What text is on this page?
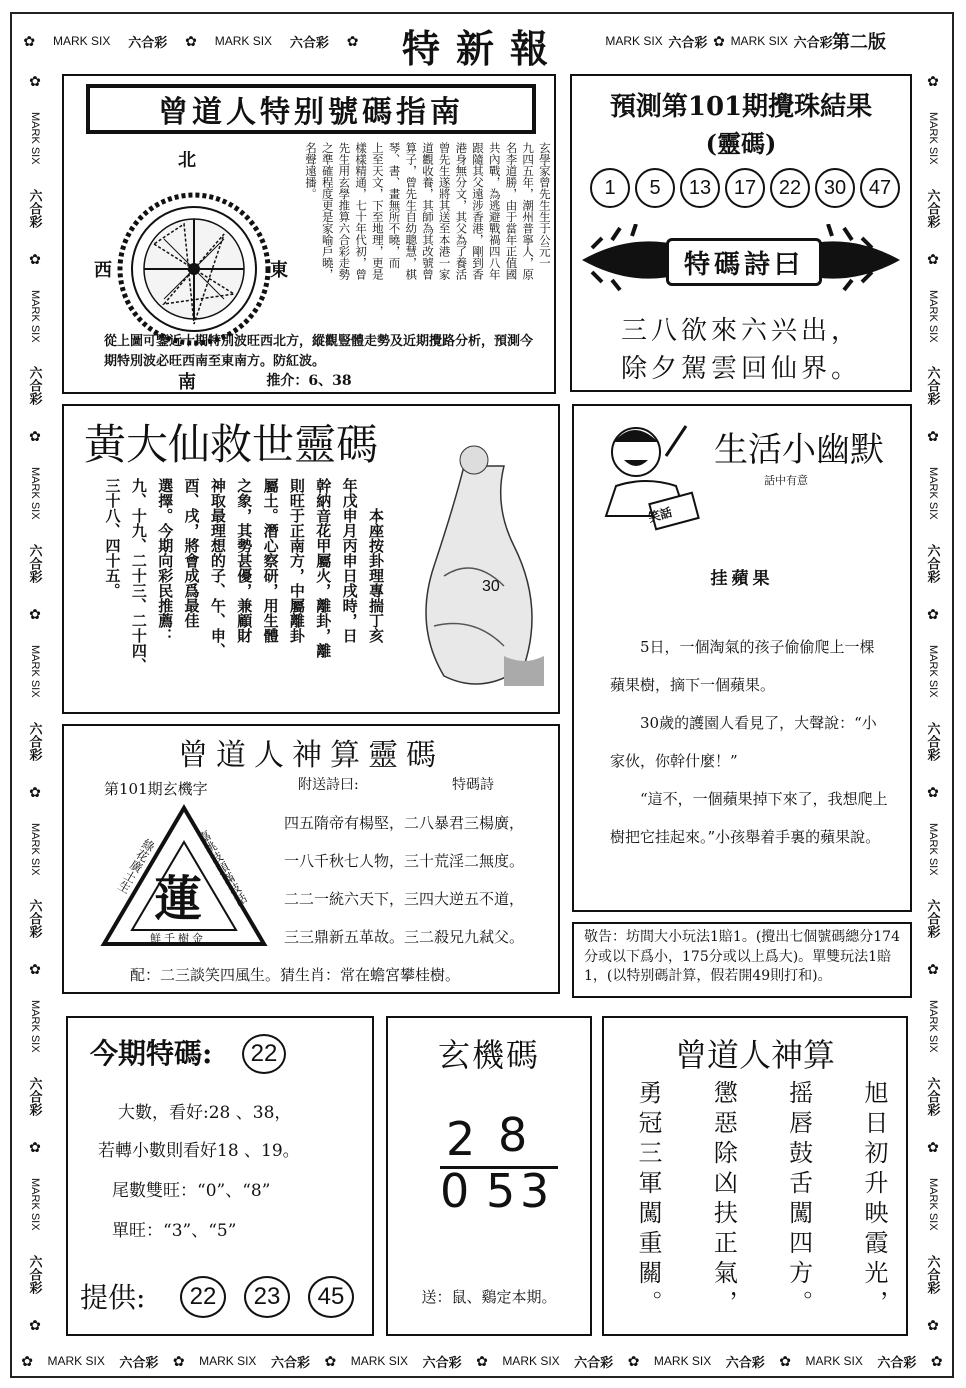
✿ MARK SIX 六合彩 ✿ MARK SIX 六合彩 ✿	MARK SIX 六合彩 ✿ MARK SIX 六合彩
特新報	第二版
✿ MARK SIX 六合彩 ✿ MARK SIX 六合彩 ✿ MARK SIX 六合彩 ✿ MARK SIX 六合彩 ✿ MARK SIX 六合彩 ✿ MARK SIX 六合彩 ✿
✿
MARK SIX
六合彩
✿
MARK SIX
六合彩
✿
MARK SIX
六合彩
✿
MARK SIX
六合彩
✿
MARK SIX
六合彩
✿
MARK SIX
六合彩
✿
MARK SIX
六合彩
✿
✿
MARK SIX
六合彩
✿
MARK SIX
六合彩
✿
MARK SIX
六合彩
✿
MARK SIX
六合彩
✿
MARK SIX
六合彩
✿
MARK SIX
六合彩
✿
MARK SIX
六合彩
✿
曾道人特别號碼指南
北
南
東
西
玄學家曾先生生于公元一
九四五年，潮州普寧人，原
名李道勝，由于當年正值國
共內戰，為逃避戰禍四八年
跟隨其父遠涉香港，剛到香
港身無分文，其父為了養活
曾先生遂將其送至本港一家
道觀收養，其師為其改號曾
算子，曾先生自幼聰慧，棋
琴、書、畫無所不曉，而
上至天文，下至地理，更是
樣樣精通，七十年代初，曾
先生用玄學推算六合彩走勢
之準確程度更是家喻戶曉，
名聲遠播。
從上圖可鑒近十期特別波旺西北方，縱觀豎體走勢及近期攪路分析，預測今期特別波必旺西南至東南方。防紅波。
推介：6、38
預測第101期攪珠結果
(靈碼)
1	5	13	17	22	30	47
特碼詩曰
三八欲來六兴出，
除夕駕雲回仙界。
黃大仙救世靈碼
30
本座按卦理專揣丁亥
年戊申月丙申日戌時，日
幹納音花甲屬火，離卦，離
則旺于正南方，中屬離卦
屬土。潛心察研，用生體
之象，其勢甚優，兼顧財
神取最理想的子、午、申、
酉、戌，將會成爲最佳
選擇。今期向彩民推薦：
九、十九、二十三、二十四、
三十八、四十五。	笑話
生活小幽默
話中有意
挂蘋果
5日，一個淘氣的孩子偷偷爬上一棵蘋果樹，摘下一個蘋果。
30歲的護園人看見了，大聲說：“小家伙，你幹什麼！”
“這不，一個蘋果掉下來了，我想爬上樹把它挂起來。”小孩舉着手裏的蘋果說。
曾道人神算靈碼
第101期玄機字
蓮
綠花廣土生	嘉桃枝頭滿枝話
鮮千樹金
附送詩曰:	特碼詩
四五隋帝有楊堅，二八暴君三楊廣，
一八千秋七人物，三十荒淫二無度。
二二一統六天下，三四大逆五不道，
三三鼎新五革故。三二殺兄九弒父。
配：二三談笑四風生。猜生肖：常在蟾宮攀桂樹。
敬告：坊間大小玩法1賠1。(攪出七個號碼總分174分或以下爲小，175分或以上爲大)。單雙玩法1賠1，(以特别碼計算，假若開49則打和)。
今期特碼:	22
大數，看好:28 、38，
若轉小數則看好18 、19。
尾數雙旺：“0”、“8”
單旺：“3”、“5”
提供:	22	23	45
玄機碼
2 8
0 5 3
送：鼠、鷄定本期。
曾道人神算
旭日初升映霞光，
摇唇鼓舌闖四方。
懲惡除凶扶正氣，
勇冠三軍闖重關。
